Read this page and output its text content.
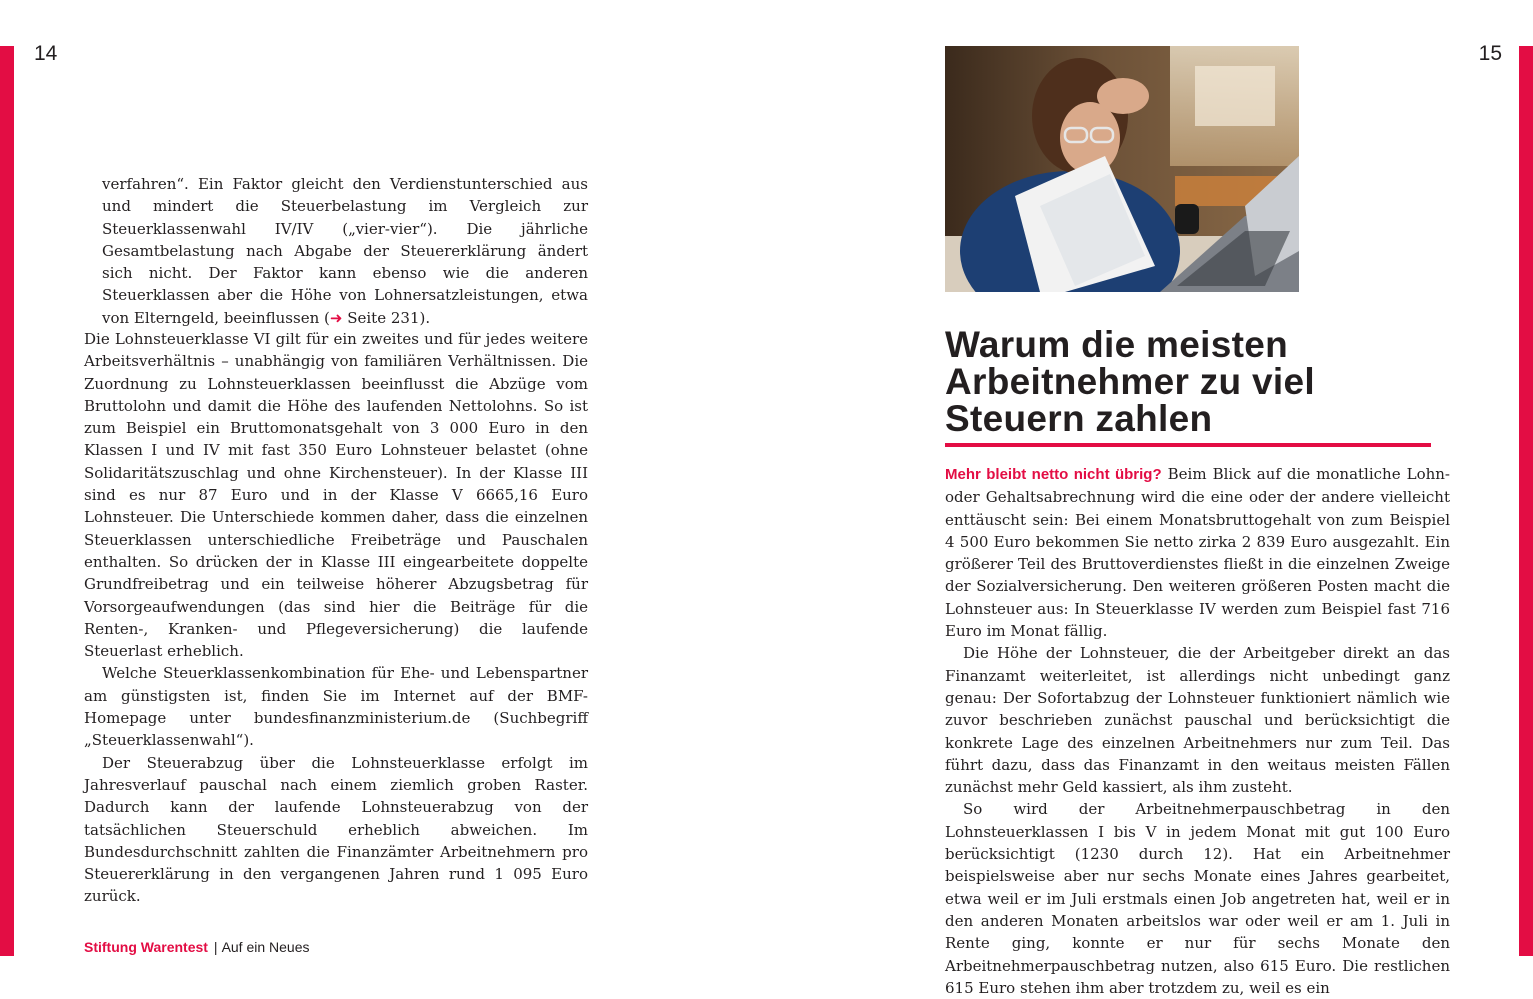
14	15

verfahren“. Ein Faktor gleicht den Verdienstunterschied aus und mindert die Steuerbelastung im Vergleich zur Steuerklassenwahl IV/IV („vier-vier“). Die jährliche Gesamtbelastung nach Abgabe der Steuererklärung ändert sich nicht. Der Faktor kann ebenso wie die anderen Steuerklassen aber die Höhe von Lohnersatzleistungen, etwa von Elterngeld, beeinflussen (➜ Seite 231).

Die Lohnsteuerklasse VI gilt für ein zweites und für jedes weitere Arbeitsverhältnis – unabhängig von familiären Verhältnissen. Die Zuordnung zu Lohnsteuerklassen beeinflusst die Abzüge vom Bruttolohn und damit die Höhe des laufenden Nettolohns. So ist zum Beispiel ein Bruttomonatsgehalt von 3 000 Euro in den Klassen I und IV mit fast 350 Euro Lohnsteuer belastet (ohne Solidaritätszuschlag und ohne Kirchensteuer). In der Klasse III sind es nur 87 Euro und in der Klasse V 6665,16 Euro Lohnsteuer. Die Unterschiede kommen daher, dass die einzelnen Steuerklassen unterschiedliche Freibeträge und Pauschalen enthalten. So drücken der in Klasse III eingearbeitete doppelte Grundfreibetrag und ein teilweise höherer Abzugsbetrag für Vorsorgeaufwendungen (das sind hier die Beiträge für die Renten-, Kranken- und Pflegeversicherung) die laufende Steuerlast erheblich.

Welche Steuerklassenkombination für Ehe- und Lebenspartner am günstigsten ist, finden Sie im Internet auf der BMF-Homepage unter bundesfinanzministerium.de (Suchbegriff „Steuerklassenwahl“).

Der Steuerabzug über die Lohnsteuerklasse erfolgt im Jahresverlauf pauschal nach einem ziemlich groben Raster. Dadurch kann der laufende Lohnsteuerabzug von der tatsächlichen Steuerschuld erheblich abweichen. Im Bundesdurchschnitt zahlten die Finanzämter Arbeitnehmern pro Steuererklärung in den vergangenen Jahren rund 1 095 Euro zurück.

Warum die meisten
Arbeitnehmer zu viel
Steuern zahlen

Mehr bleibt netto nicht übrig? Beim Blick auf die monatliche Lohn- oder Gehaltsabrechnung wird die eine oder der andere vielleicht enttäuscht sein: Bei einem Monatsbruttogehalt von zum Beispiel 4 500 Euro bekommen Sie netto zirka 2 839 Euro ausgezahlt. Ein größerer Teil des Bruttoverdienstes fließt in die einzelnen Zweige der Sozialversicherung. Den weiteren größeren Posten macht die Lohnsteuer aus: In Steuerklasse IV werden zum Beispiel fast 716 Euro im Monat fällig.

Die Höhe der Lohnsteuer, die der Arbeitgeber direkt an das Finanzamt weiterleitet, ist allerdings nicht unbedingt ganz genau: Der Sofortabzug der Lohnsteuer funktioniert nämlich wie zuvor beschrieben zunächst pauschal und berücksichtigt die konkrete Lage des einzelnen Arbeitnehmers nur zum Teil. Das führt dazu, dass das Finanzamt in den weitaus meisten Fällen zunächst mehr Geld kassiert, als ihm zusteht.

So wird der Arbeitnehmerpauschbetrag in den Lohnsteuerklassen I bis V in jedem Monat mit gut 100 Euro berücksichtigt (1230 durch 12). Hat ein Arbeitnehmer beispielsweise aber nur sechs Monate eines Jahres gearbeitet, etwa weil er im Juli erstmals einen Job angetreten hat, weil er in den anderen Monaten arbeitslos war oder weil er am 1. Juli in Rente ging, konnte er nur für sechs Monate den Arbeitnehmerpauschbetrag nutzen, also 615 Euro. Die restlichen 615 Euro stehen ihm aber trotzdem zu, weil es ein

Stiftung Warentest | Auf ein Neues
